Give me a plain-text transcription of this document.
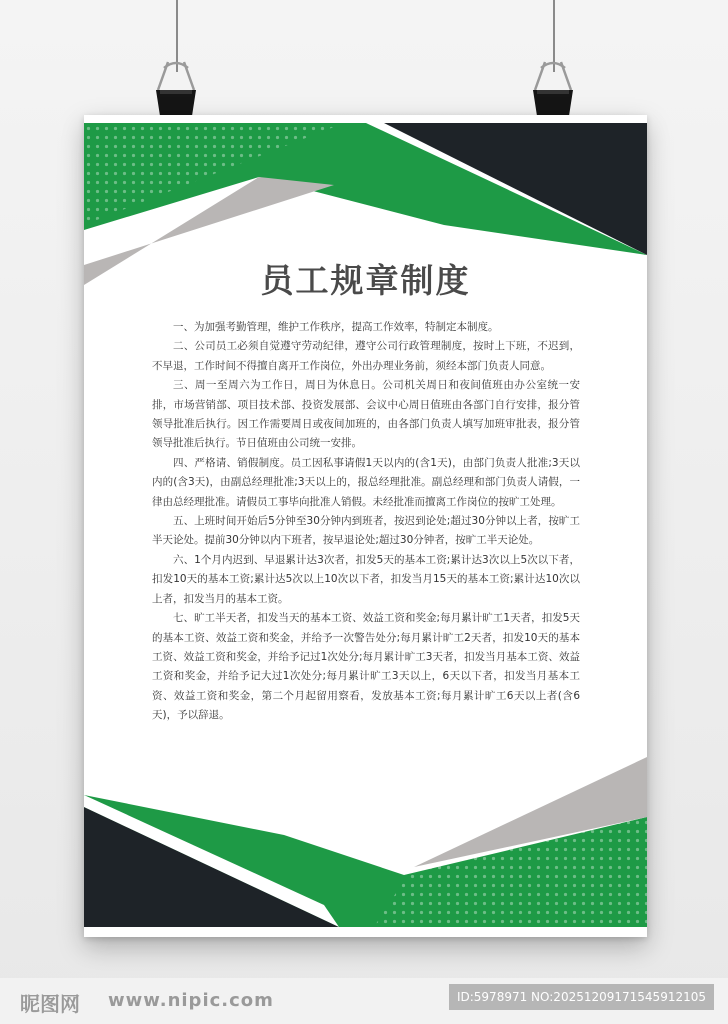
员工规章制度

一、为加强考勤管理，维护工作秩序，提高工作效率，特制定本制度。

二、公司员工必须自觉遵守劳动纪律，遵守公司行政管理制度，按时上下班，不迟到，不早退，工作时间不得擅自离开工作岗位，外出办理业务前，须经本部门负责人同意。

三、周一至周六为工作日，周日为休息日。公司机关周日和夜间值班由办公室统一安排，市场营销部、项目技术部、投资发展部、会议中心周日值班由各部门自行安排，报分管领导批准后执行。因工作需要周日或夜间加班的，由各部门负责人填写加班审批表，报分管领导批准后执行。节日值班由公司统一安排。

四、严格请、销假制度。员工因私事请假1天以内的(含1天)，由部门负责人批准;3天以内的(含3天)，由副总经理批准;3天以上的，报总经理批准。副总经理和部门负责人请假，一律由总经理批准。请假员工事毕向批准人销假。未经批准而擅离工作岗位的按旷工处理。

五、上班时间开始后5分钟至30分钟内到班者，按迟到论处;超过30分钟以上者，按旷工半天论处。提前30分钟以内下班者，按早退论处;超过30分钟者，按旷工半天论处。

六、1个月内迟到、早退累计达3次者，扣发5天的基本工资;累计达3次以上5次以下者，扣发10天的基本工资;累计达5次以上10次以下者，扣发当月15天的基本工资;累计达10次以上者，扣发当月的基本工资。

七、旷工半天者，扣发当天的基本工资、效益工资和奖金;每月累计旷工1天者，扣发5天的基本工资、效益工资和奖金，并给予一次警告处分;每月累计旷工2天者，扣发10天的基本工资、效益工资和奖金，并给予记过1次处分;每月累计旷工3天者，扣发当月基本工资、效益工资和奖金，并给予记大过1次处分;每月累计旷工3天以上，6天以下者，扣发当月基本工资、效益工资和奖金，第二个月起留用察看，发放基本工资;每月累计旷工6天以上者(含6天)，予以辞退。

昵图网 www.nipic.com	ID:5978971 NO:20251209171545912105
